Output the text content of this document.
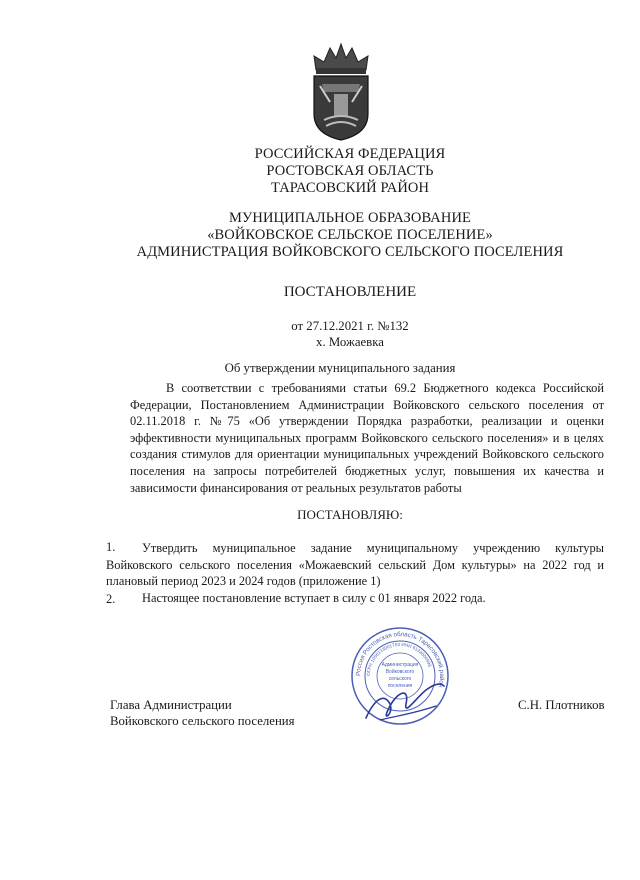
РОССИЙСКАЯ ФЕДЕРАЦИЯ
РОСТОВСКАЯ ОБЛАСТЬ
ТАРАСОВСКИЙ РАЙОН
МУНИЦИПАЛЬНОЕ ОБРАЗОВАНИЕ
«ВОЙКОВСКОЕ СЕЛЬСКОЕ ПОСЕЛЕНИЕ»
АДМИНИСТРАЦИЯ ВОЙКОВСКОГО СЕЛЬСКОГО ПОСЕЛЕНИЯ
ПОСТАНОВЛЕНИЕ
от 27.12.2021 г. №132
х. Можаевка
Об утверждении муниципального задания
В соответствии с требованиями статьи 69.2 Бюджетного кодекса Российской Федерации, Постановлением Администрации Войковского сельского поселения от 02.11.2018 г. №75 «Об утверждении Порядка разработки, реализации и оценки эффективности муниципальных программ Войковского сельского поселения» и в целях создания стимулов для ориентации муниципальных учреждений Войковского сельского поселения на запросы потребителей бюджетных услуг, повышения их качества и зависимости финансирования от реальных результатов работы
ПОСТАНОВЛЯЮ:
1.	Утвердить муниципальное задание муниципальному учреждению культуры Войковского сельского поселения «Можаевский сельский Дом культуры» на 2022 год и плановый период 2023 и 2024 годов (приложение 1)
2. Настоящее постановление вступает в силу с 01 января 2022 года.
Россия Ростовская область Тарасовский район
ОГРН 1056133001703 ИНН 6133004996
Администрация
Войковского
сельского
поселения
Глава Администрации
Войковского сельского поселения
С.Н. Плотников
